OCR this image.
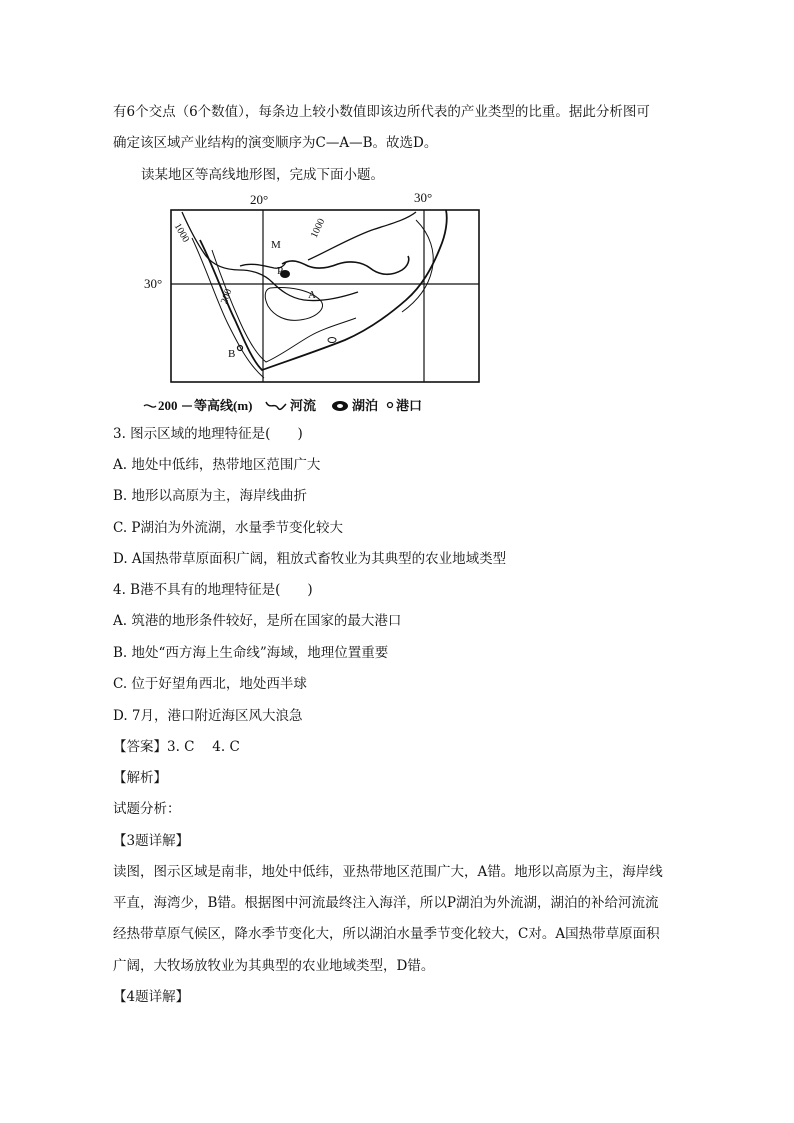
有6个交点（6个数值），每条边上较小数值即该边所代表的产业类型的比重。据此分析图可
确定该区域产业结构的演变顺序为C—A—B。故选D。
读某地区等高线地形图，完成下面小题。
20°	30°
30°
1000	1000
200
M
P
A
B
200 等高线(m)	河流	湖泊 港口
3. 图示区域的地理特征是(　　)
A. 地处中低纬，热带地区范围广大
B. 地形以高原为主，海岸线曲折
C. P湖泊为外流湖，水量季节变化较大
D. A国热带草原面积广阔，粗放式畜牧业为其典型的农业地域类型
4. B港不具有的地理特征是(　　)
A. 筑港的地形条件较好，是所在国家的最大港口
B. 地处“西方海上生命线”海域，地理位置重要
C. 位于好望角西北，地处西半球
D. 7月，港口附近海区风大浪急
【答案】3. C　 4. C
【解析】
试题分析：
【3题详解】
读图，图示区域是南非，地处中低纬，亚热带地区范围广大，A错。地形以高原为主，海岸线
平直，海湾少，B错。根据图中河流最终注入海洋，所以P湖泊为外流湖，湖泊的补给河流流
经热带草原气候区，降水季节变化大，所以湖泊水量季节变化较大，C对。A国热带草原面积
广阔，大牧场放牧业为其典型的农业地域类型，D错。
【4题详解】
